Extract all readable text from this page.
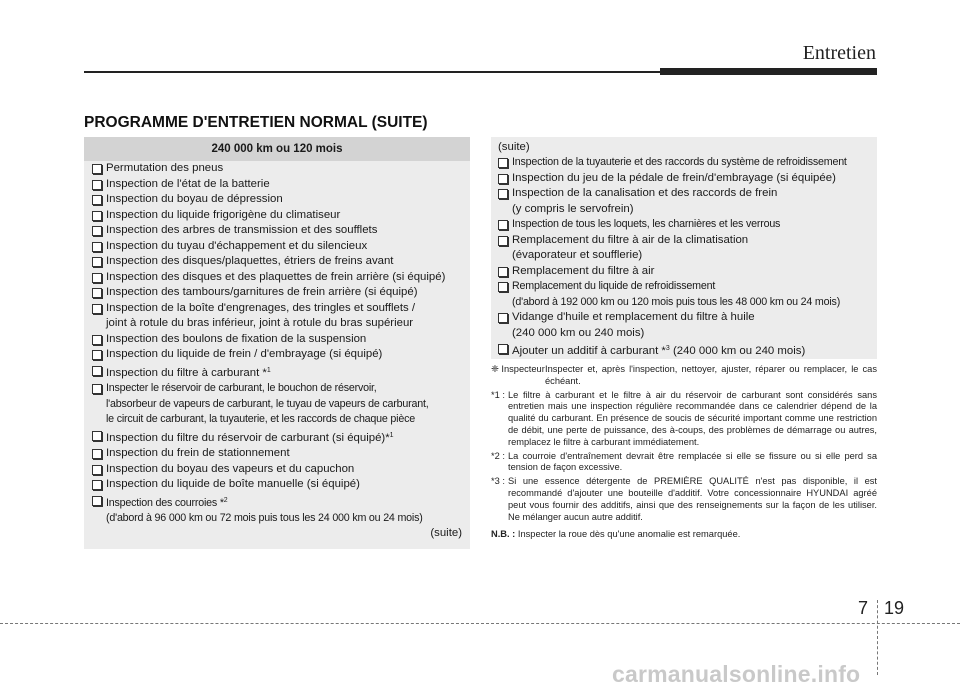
Entretien
PROGRAMME D'ENTRETIEN NORMAL (SUITE)
240 000 km ou 120 mois
Permutation des pneus
Inspection de l'état de la batterie
Inspection du boyau de dépression
Inspection du liquide frigorigène du climatiseur
Inspection des arbres de transmission et des soufflets
Inspection du tuyau d'échappement et du silencieux
Inspection des disques/plaquettes, étriers de freins avant
Inspection des disques et des plaquettes de frein arrière (si équipé)
Inspection des tambours/garnitures de frein arrière (si équipé)
Inspection de la boîte d'engrenages, des tringles et soufflets /
joint à rotule du bras inférieur, joint à rotule du bras supérieur
Inspection des boulons de fixation de la suspension
Inspection du liquide de frein / d'embrayage (si équipé)
Inspection du filtre à carburant *$^1$
Inspecter le réservoir de carburant, le bouchon de réservoir,
l'absorbeur de vapeurs de carburant, le tuyau de vapeurs de carburant,
le circuit de carburant, la tuyauterie, et les raccords de chaque pièce
Inspection du filtre du réservoir de carburant (si équipé)*$^1$
Inspection du frein de stationnement
Inspection du boyau des vapeurs et du capuchon
Inspection du liquide de boîte manuelle (si équipé)
Inspection des courroies *$^2$
(d'abord à 96 000 km ou 72 mois puis tous les 24 000 km ou 24 mois)
(suite)
(suite)
Inspection de la tuyauterie et des raccords du système de refroidissement
Inspection du jeu de la pédale de frein/d'embrayage (si équipée)
Inspection de la canalisation et des raccords de frein
(y compris le servofrein)
Inspection de tous les loquets, les charnières et les verrous
Remplacement du filtre à air de la climatisation
(évaporateur et soufflerie)
Remplacement du filtre à air
Remplacement du liquide de refroidissement
(d'abord à 192 000 km ou 120 mois puis tous les 48 000 km ou 24 mois)
Vidange d'huile et remplacement du filtre à huile
(240 000 km ou 240 mois)
Ajouter un additif à carburant *$^3$ (240 000 km ou 240 mois)
❈ Inspecteur :
Inspecter et, après l'inspection, nettoyer, ajuster, réparer ou remplacer, le cas échéant.
*1 : Le filtre à carburant et le filtre à air du réservoir de carburant sont considérés sans entretien mais une inspection régulière recommandée dans ce calendrier dépend de la qualité du carburant. En présence de soucis de sécurité important comme une restriction de débit, une perte de puissance, des à-coups, des problèmes de démarrage ou autres, remplacez le filtre à carburant immédiatement.
*2 : La courroie d'entraînement devrait être remplacée si elle se fissure ou si elle perd sa tension de façon excessive.
*3 : Si une essence détergente de PREMIÈRE QUALITÉ n'est pas disponible, il est recommandé d'ajouter une bouteille d'additif. Votre concessionnaire HYUNDAI agréé peut vous fournir des additifs, ainsi que des renseignements sur la façon de les utiliser. Ne mélanger aucun autre additif.
N.B. : Inspecter la roue dès qu'une anomalie est remarquée.
7 19
carmanualsonline.info
